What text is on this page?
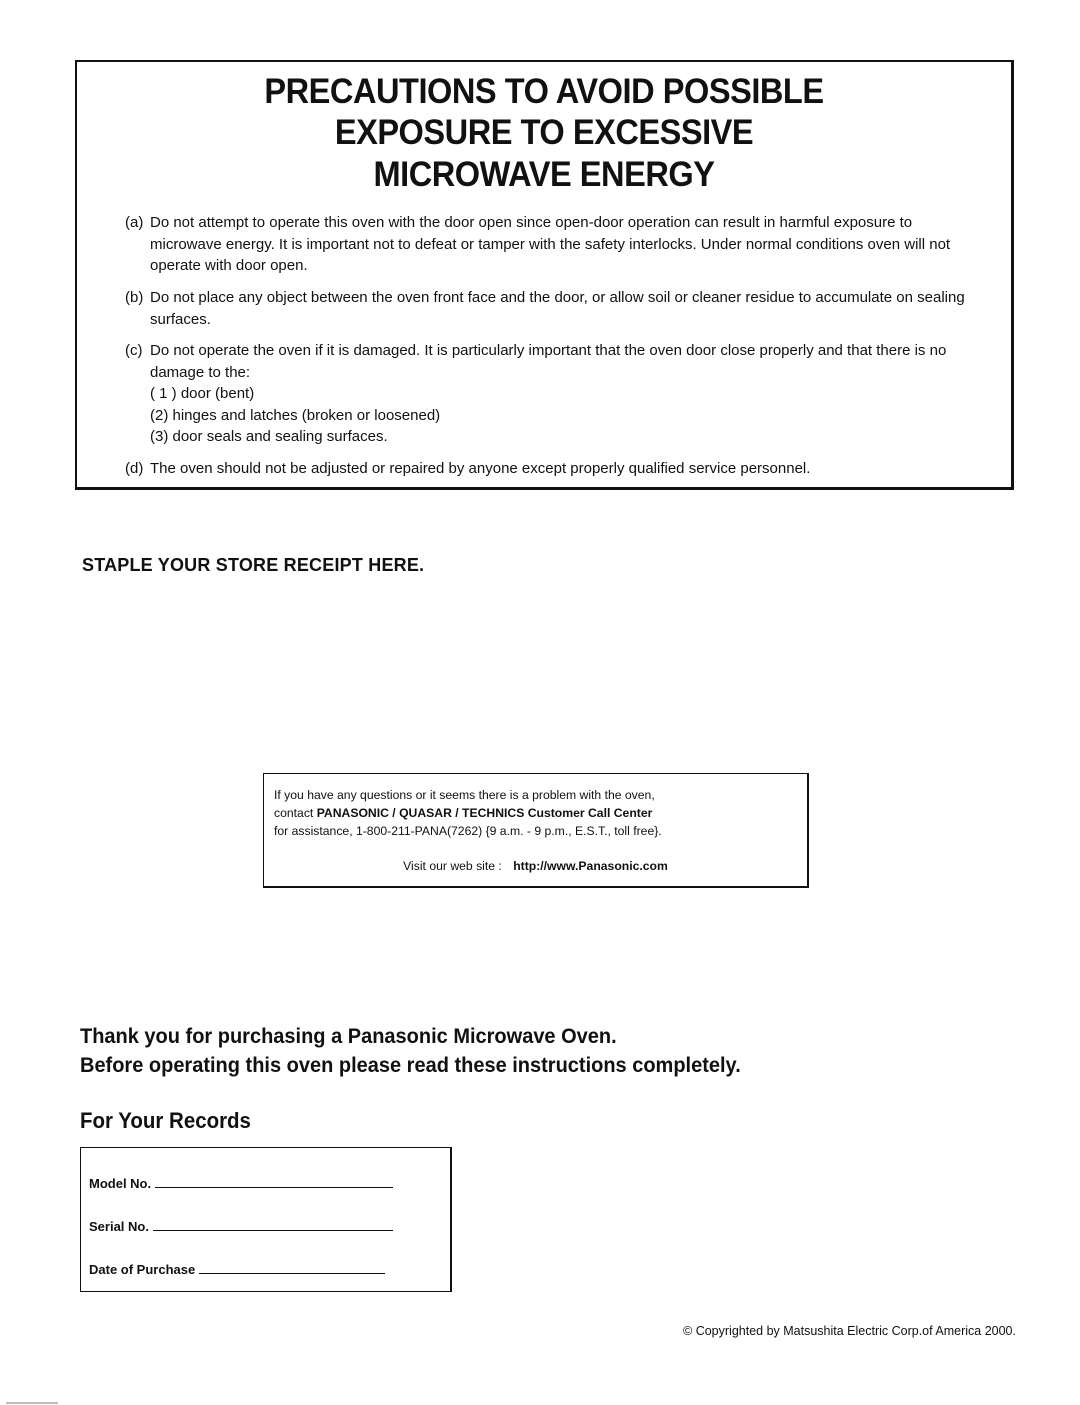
PRECAUTIONS TO AVOID POSSIBLE
EXPOSURE TO EXCESSIVE
MICROWAVE ENERGY
(a) Do not attempt to operate this oven with the door open since open-door operation can result in harmful exposure to microwave energy. It is important not to defeat or tamper with the safety interlocks. Under normal conditions oven will not operate with door open.
(b) Do not place any object between the oven front face and the door, or allow soil or cleaner residue to accumulate on sealing surfaces.
(c) Do not operate the oven if it is damaged. It is particularly important that the oven door close properly and that there is no damage to the:
( 1 ) door (bent)
(2) hinges and latches (broken or loosened)
(3) door seals and sealing surfaces.
(d) The oven should not be adjusted or repaired by anyone except properly qualified service personnel.
STAPLE YOUR STORE RECEIPT HERE.
If you have any questions or it seems there is a problem with the oven,
contact PANASONIC / QUASAR / TECHNICS Customer Call Center
for assistance, 1-800-211-PANA(7262) {9 a.m. - 9 p.m., E.S.T., toll free}.
Visit our web site : http://www.Panasonic.com
Thank you for purchasing a Panasonic Microwave Oven.
Before operating this oven please read these instructions completely.
For Your Records
Model No.
Serial No.
Date of Purchase
© Copyrighted by Matsushita Electric Corp.of America 2000.
